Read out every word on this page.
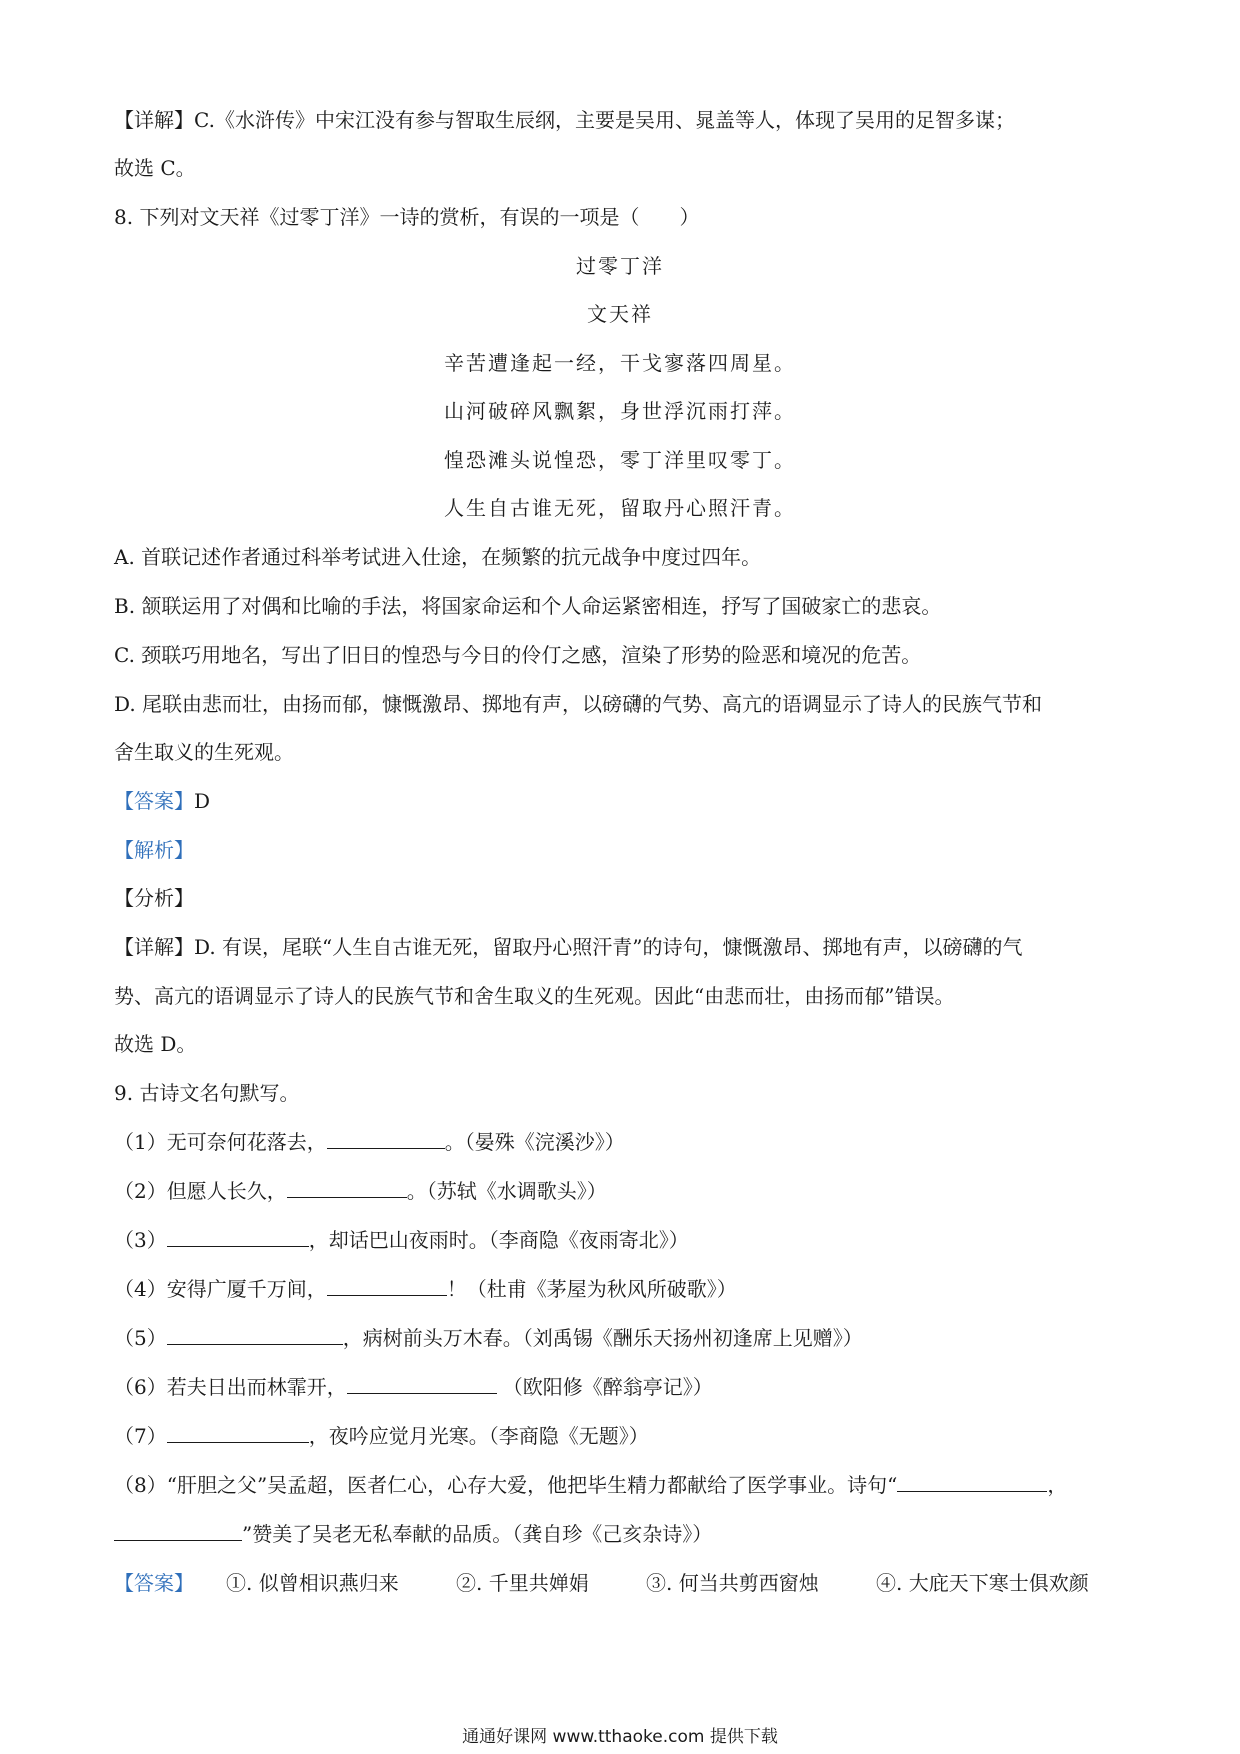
【详解】C.《水浒传》中宋江没有参与智取生辰纲，主要是吴用、晁盖等人，体现了吴用的足智多谋；
故选 C。
8. 下列对文天祥《过零丁洋》一诗的赏析，有误的一项是（　　）
过零丁洋
文天祥
辛苦遭逢起一经，干戈寥落四周星。
山河破碎风飘絮，身世浮沉雨打萍。
惶恐滩头说惶恐，零丁洋里叹零丁。
人生自古谁无死，留取丹心照汗青。
A. 首联记述作者通过科举考试进入仕途，在频繁的抗元战争中度过四年。
B. 颔联运用了对偶和比喻的手法，将国家命运和个人命运紧密相连，抒写了国破家亡的悲哀。
C. 颈联巧用地名，写出了旧日的惶恐与今日的伶仃之感，渲染了形势的险恶和境况的危苦。
D. 尾联由悲而壮，由扬而郁，慷慨激昂、掷地有声，以磅礴的气势、高亢的语调显示了诗人的民族气节和
舍生取义的生死观。
【答案】D
【解析】
【分析】
【详解】D. 有误，尾联“人生自古谁无死，留取丹心照汗青”的诗句，慷慨激昂、掷地有声，以磅礴的气
势、高亢的语调显示了诗人的民族气节和舍生取义的生死观。因此“由悲而壮，由扬而郁”错误。
故选 D。
9. 古诗文名句默写。
（1）无可奈何花落去，	。（晏殊《浣溪沙》）
（2）但愿人长久，	。（苏轼《水调歌头》）
（3）	，却话巴山夜雨时。（李商隐《夜雨寄北》）
（4）安得广厦千万间，	！（杜甫《茅屋为秋风所破歌》）
（5）	，病树前头万木春。（刘禹锡《酬乐天扬州初逢席上见赠》）
（6）若夫日出而林霏开，	（欧阳修《醉翁亭记》）
（7）	，夜吟应觉月光寒。（李商隐《无题》）
（8）“肝胆之父”吴孟超，医者仁心，心存大爱，他把毕生精力都献给了医学事业。诗句“	，
”赞美了吴老无私奉献的品质。（龚自珍《己亥杂诗》）
【答案】 ①. 似曾相识燕归来	②. 千里共婵娟	③. 何当共剪西窗烛	④. 大庇天下寒士俱欢颜
通通好课网 www.tthaoke.com 提供下载
